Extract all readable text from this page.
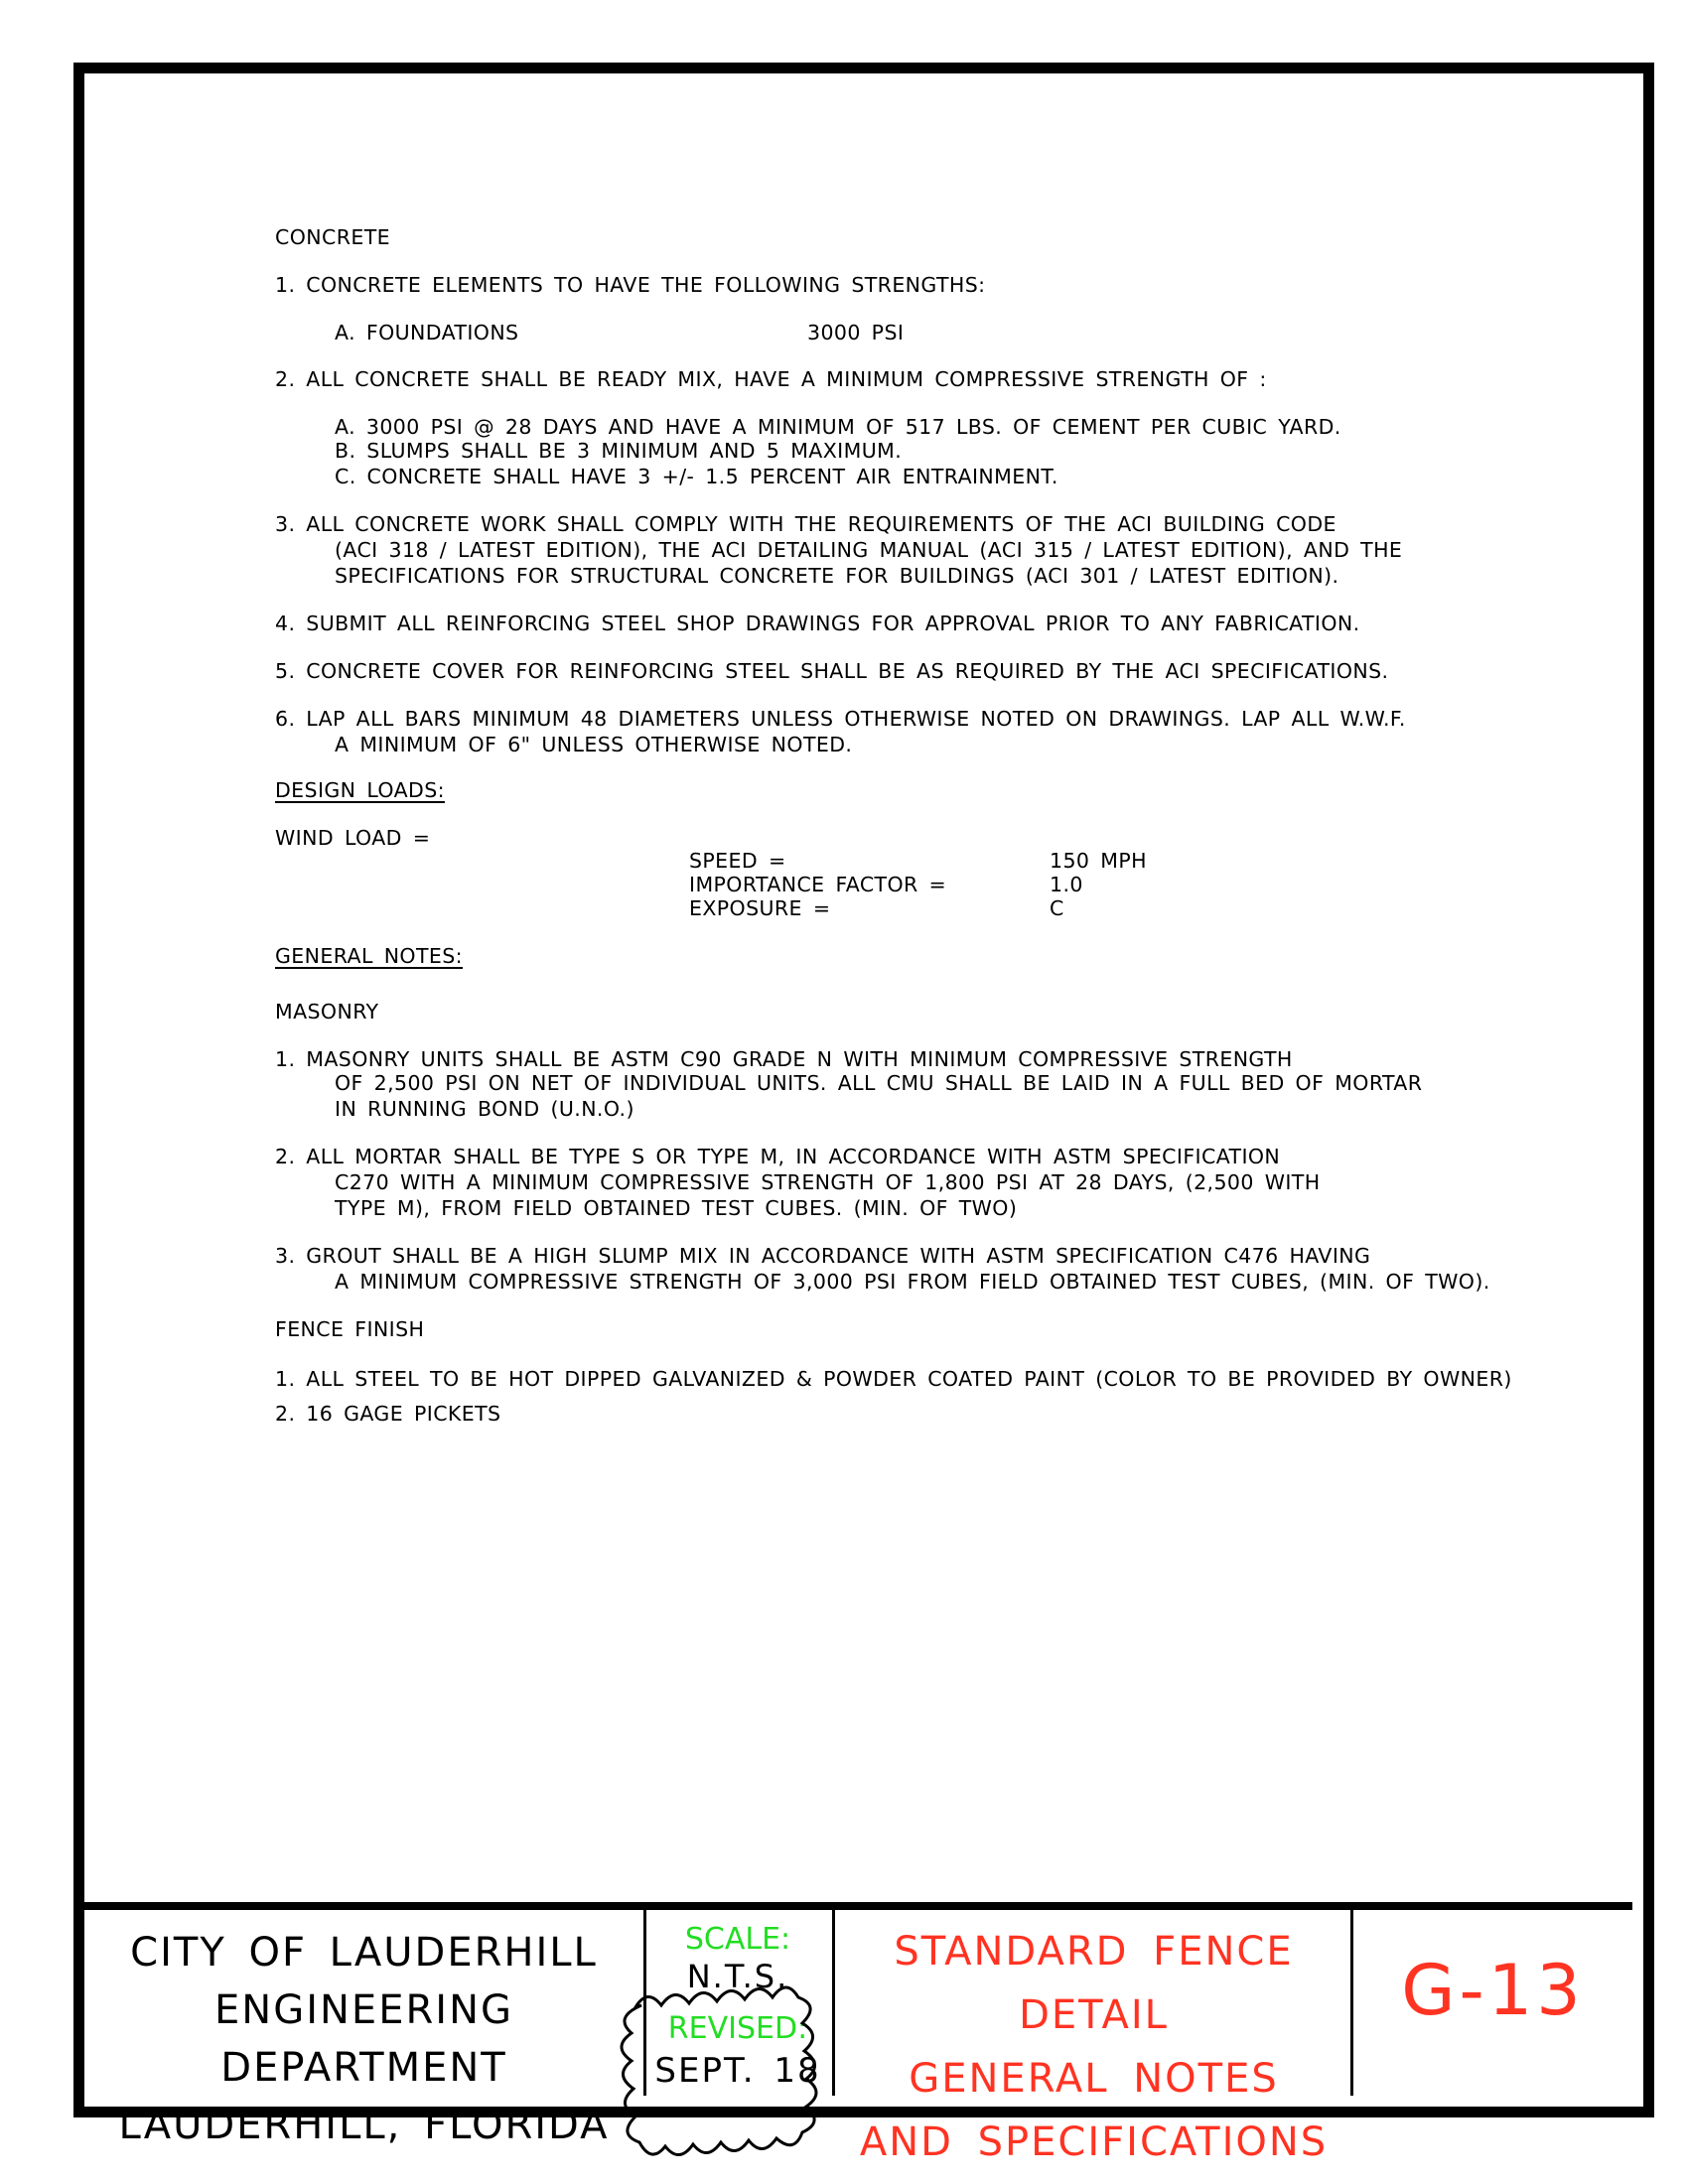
CONCRETE
1. CONCRETE ELEMENTS TO HAVE THE FOLLOWING STRENGTHS:
A. FOUNDATIONS	3000 PSI
2. ALL CONCRETE SHALL BE READY MIX, HAVE A MINIMUM COMPRESSIVE STRENGTH OF :
A. 3000 PSI @ 28 DAYS AND HAVE A MINIMUM OF 517 LBS. OF CEMENT PER CUBIC YARD.
B. SLUMPS SHALL BE 3 MINIMUM AND 5 MAXIMUM.
C. CONCRETE SHALL HAVE 3 +/- 1.5 PERCENT AIR ENTRAINMENT.
3. ALL CONCRETE WORK SHALL COMPLY WITH THE REQUIREMENTS OF THE ACI BUILDING CODE
(ACI 318 / LATEST EDITION), THE ACI DETAILING MANUAL (ACI 315 / LATEST EDITION), AND THE
SPECIFICATIONS FOR STRUCTURAL CONCRETE FOR BUILDINGS (ACI 301 / LATEST EDITION).
4. SUBMIT ALL REINFORCING STEEL SHOP DRAWINGS FOR APPROVAL PRIOR TO ANY FABRICATION.
5. CONCRETE COVER FOR REINFORCING STEEL SHALL BE AS REQUIRED BY THE ACI SPECIFICATIONS.
6. LAP ALL BARS MINIMUM 48 DIAMETERS UNLESS OTHERWISE NOTED ON DRAWINGS. LAP ALL W.W.F.
A MINIMUM OF 6" UNLESS OTHERWISE NOTED.
DESIGN LOADS:
WIND LOAD =
SPEED =	150 MPH
IMPORTANCE FACTOR =	1.0
EXPOSURE =	C
GENERAL NOTES:
MASONRY
1. MASONRY UNITS SHALL BE ASTM C90 GRADE N WITH MINIMUM COMPRESSIVE STRENGTH
OF 2,500 PSI ON NET OF INDIVIDUAL UNITS. ALL CMU SHALL BE LAID IN A FULL BED OF MORTAR
IN RUNNING BOND (U.N.O.)
2. ALL MORTAR SHALL BE TYPE S OR TYPE M, IN ACCORDANCE WITH ASTM SPECIFICATION
C270 WITH A MINIMUM COMPRESSIVE STRENGTH OF 1,800 PSI AT 28 DAYS, (2,500 WITH
TYPE M), FROM FIELD OBTAINED TEST CUBES. (MIN. OF TWO)
3. GROUT SHALL BE A HIGH SLUMP MIX IN ACCORDANCE WITH ASTM SPECIFICATION C476 HAVING
A MINIMUM COMPRESSIVE STRENGTH OF 3,000 PSI FROM FIELD OBTAINED TEST CUBES, (MIN. OF TWO).
FENCE FINISH
1. ALL STEEL TO BE HOT DIPPED GALVANIZED & POWDER COATED PAINT (COLOR TO BE PROVIDED BY OWNER)
2. 16 GAGE PICKETS
CITY OF LAUDERHILL
ENGINEERING DEPARTMENT
LAUDERHILL, FLORIDA
SCALE:
N.T.S.
REVISED:
SEPT. 18
STANDARD FENCE DETAIL
GENERAL NOTES
AND SPECIFICATIONS
G-13
